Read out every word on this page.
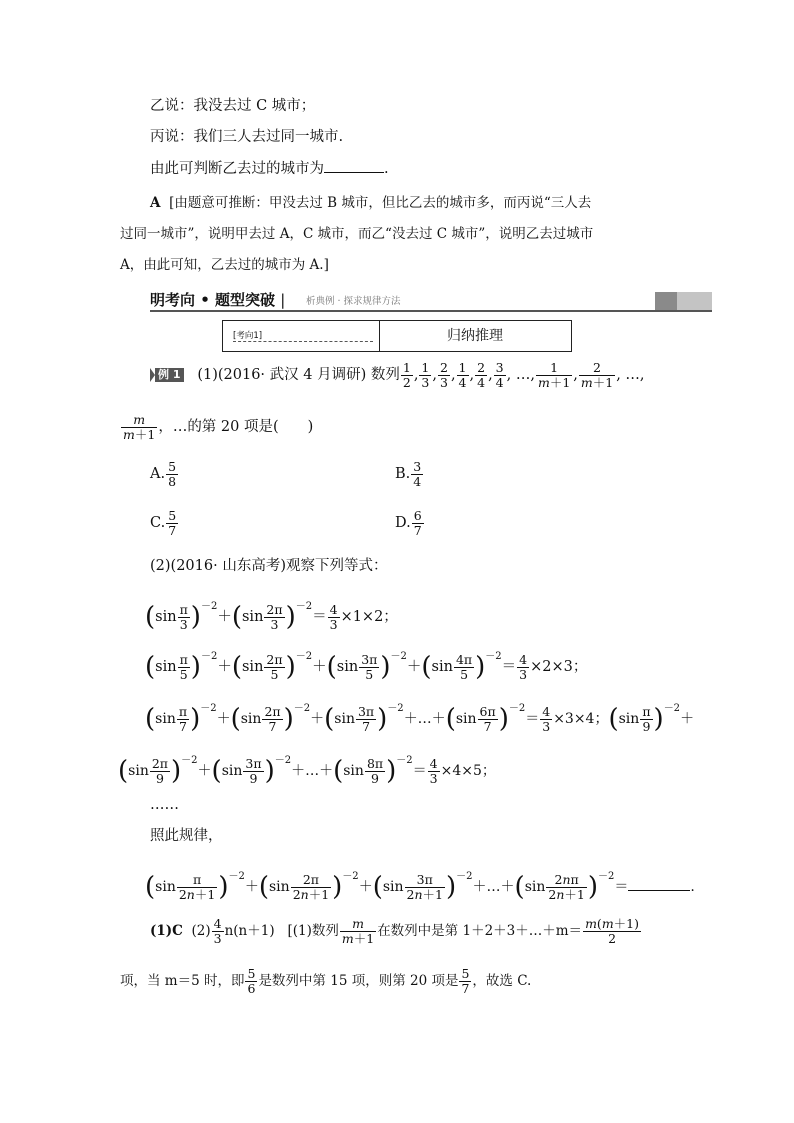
乙说：我没去过 C 城市；
丙说：我们三人去过同一城市.
由此可判断乙去过的城市为	.
A [由题意可推断：甲没去过 B 城市，但比乙去的城市多，而丙说“三人去
过同一城市”，说明甲去过 A，C 城市，而乙“没去过 C 城市”，说明乙去过城市
A，由此可知，乙去过的城市为 A.]
明考向 • 题型突破 | 析典例 · 探求规律方法
[考向1]	归纳推理
例 1 (1)(2016· 武汉 4 月调研) 数列 $\frac{1}{2}$ , $\frac{1}{3}$ , $\frac{2}{3}$ , $\frac{1}{4}$ , $\frac{2}{4}$ , $\frac{3}{4}$ , …, $\frac{1}{m+1}$ , $\frac{2}{m+1}$ , …,
$\frac{m}{m+1}$ ，…的第 20 项是(　　)
A. $\frac{5}{8}$	B. $\frac{3}{4}$
C. $\frac{5}{7}$	D. $\frac{6}{7}$
(2)(2016· 山东高考)观察下列等式：
$(\sin \frac{\pi}{3} )^{-2}+(\sin \frac{2\pi}{3} )^{-2}= \frac{4}{3} \times 1\times 2$；
$(\sin \frac{\pi}{5} )^{-2}+(\sin \frac{2\pi}{5} )^{-2}+(\sin \frac{3\pi}{5} )^{-2}+(\sin \frac{4\pi}{5} )^{-2}= \frac{4}{3} \times 2\times 3$；
$(\sin \frac{\pi}{7} )^{-2}+(\sin \frac{2\pi}{7} )^{-2}+(\sin \frac{3\pi}{7}$ )$^{-2}$＋…＋(sin $\frac{6\pi}{7} )^{-2}= \frac{4}{3} \times 3\times 4$；$(\sin \frac{\pi}{9} )^{-2}+$
$(\sin \frac{2\pi}{9} )^{-2}+(\sin \frac{3\pi}{9}$ )$^{-2}$＋…＋(sin $\frac{8\pi}{9} )^{-2}= \frac{4}{3} \times 4\times 5$；
……
照此规律，
$(\sin \frac{\pi}{2n+1} )^{-2}+(\sin \frac{2\pi}{2n+1} )^{-2}+(\sin \frac{3\pi}{2n+1}$ )$^{-2}$＋…＋(sin $\frac{2n\pi}{2n+1} )^{-2}=$	.
(1)C $(2) \frac{4}{3} n(n+1)$ [(1)数列 $\frac{m}{m+1}$ 在数列中是第 1＋2＋3＋…＋m＝ $\frac{m(m+1)}{2}$
项，当 m＝5 时，即 $\frac{5}{6}$ 是数列中第 15 项，则第 20 项是 $\frac{5}{7}$ ，故选 C.
